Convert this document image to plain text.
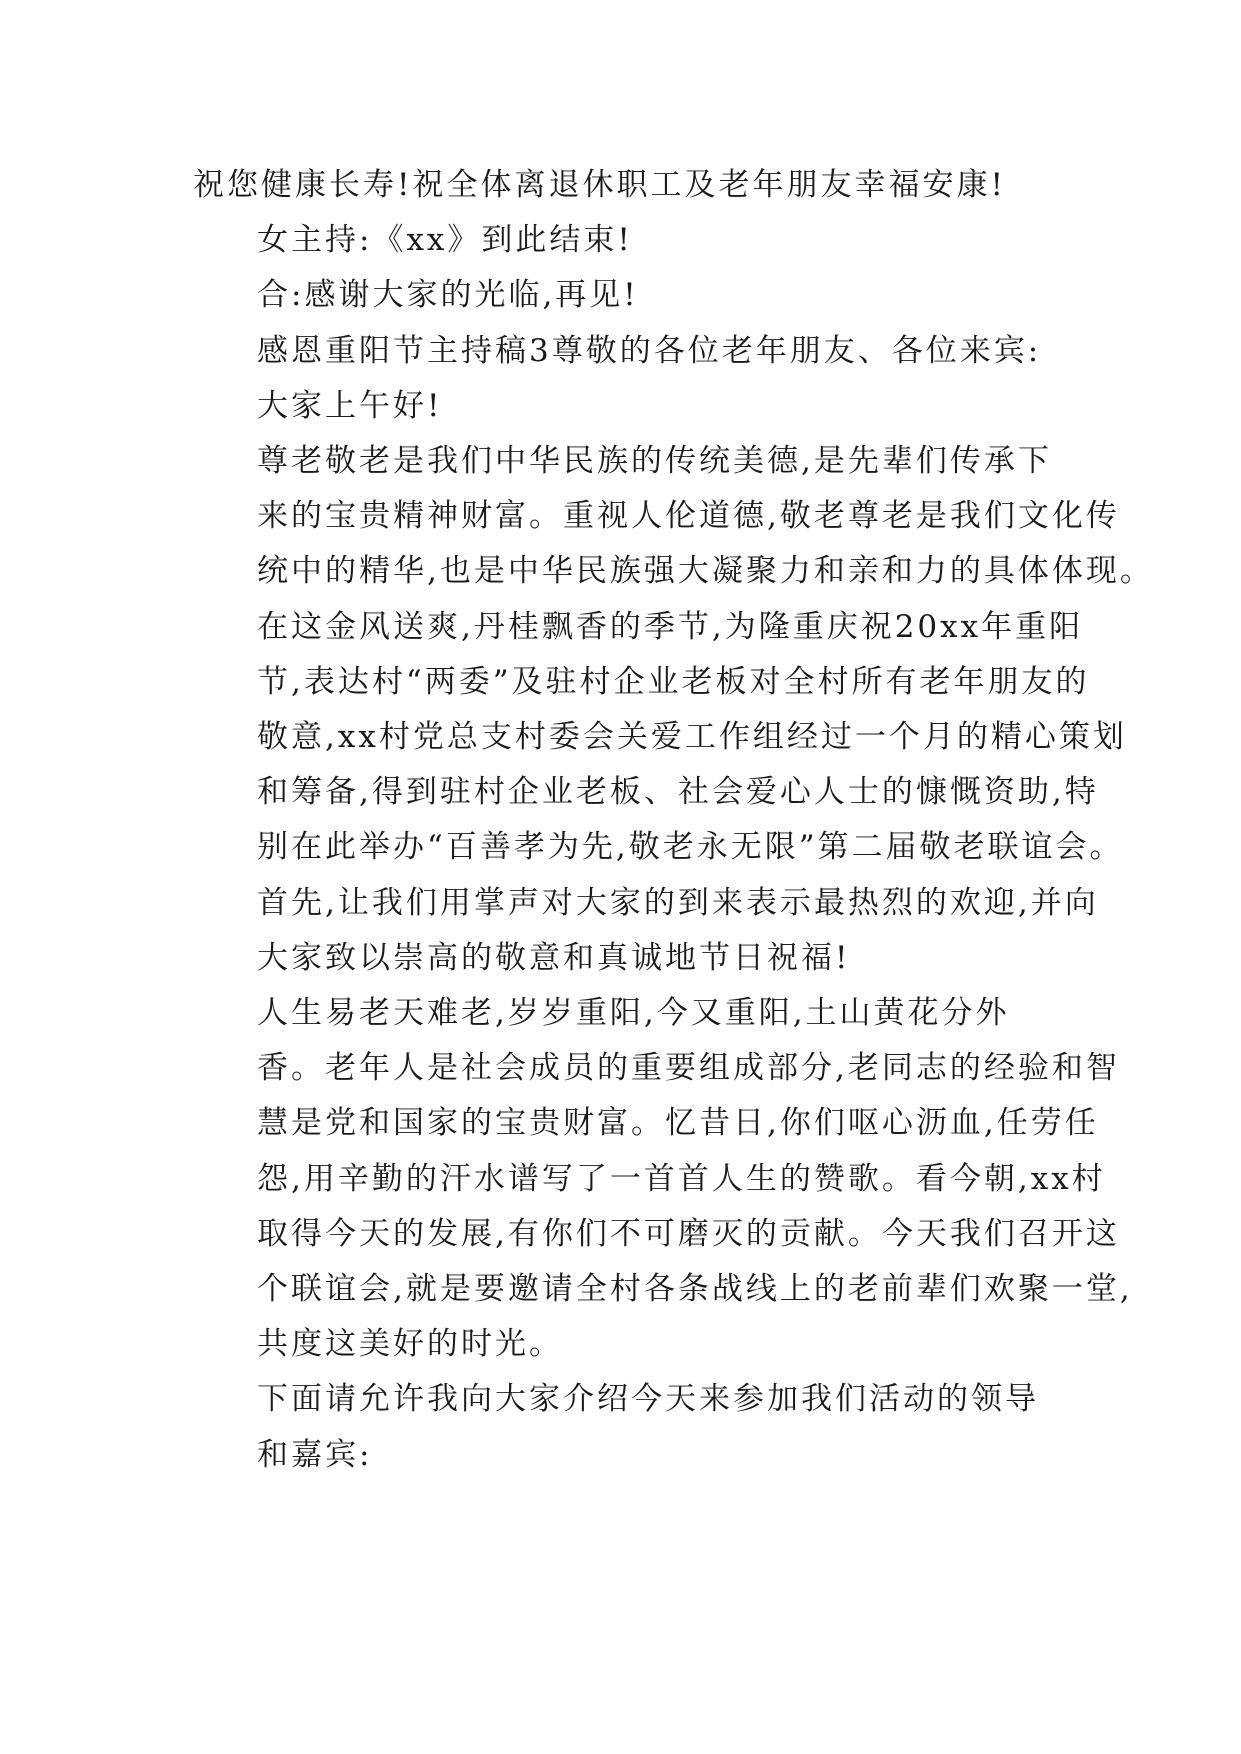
祝您健康长寿!祝全体离退休职工及老年朋友幸福安康!

女主持:《xx》到此结束!

合:感谢大家的光临,再见!

感恩重阳节主持稿3尊敬的各位老年朋友、各位来宾:

大家上午好!

尊老敬老是我们中华民族的传统美德,是先辈们传承下
来的宝贵精神财富。重视人伦道德,敬老尊老是我们文化传
统中的精华,也是中华民族强大凝聚力和亲和力的具体体现。
在这金风送爽,丹桂飘香的季节,为隆重庆祝20xx年重阳
节,表达村“两委”及驻村企业老板对全村所有老年朋友的
敬意,xx村党总支村委会关爱工作组经过一个月的精心策划
和筹备,得到驻村企业老板、社会爱心人士的慷慨资助,特
别在此举办“百善孝为先,敬老永无限”第二届敬老联谊会。
首先,让我们用掌声对大家的到来表示最热烈的欢迎,并向
大家致以崇高的敬意和真诚地节日祝福!

人生易老天难老,岁岁重阳,今又重阳,土山黄花分外
香。老年人是社会成员的重要组成部分,老同志的经验和智
慧是党和国家的宝贵财富。忆昔日,你们呕心沥血,任劳任
怨,用辛勤的汗水谱写了一首首人生的赞歌。看今朝,xx村
取得今天的发展,有你们不可磨灭的贡献。今天我们召开这
个联谊会,就是要邀请全村各条战线上的老前辈们欢聚一堂,
共度这美好的时光。

下面请允许我向大家介绍今天来参加我们活动的领导
和嘉宾:
